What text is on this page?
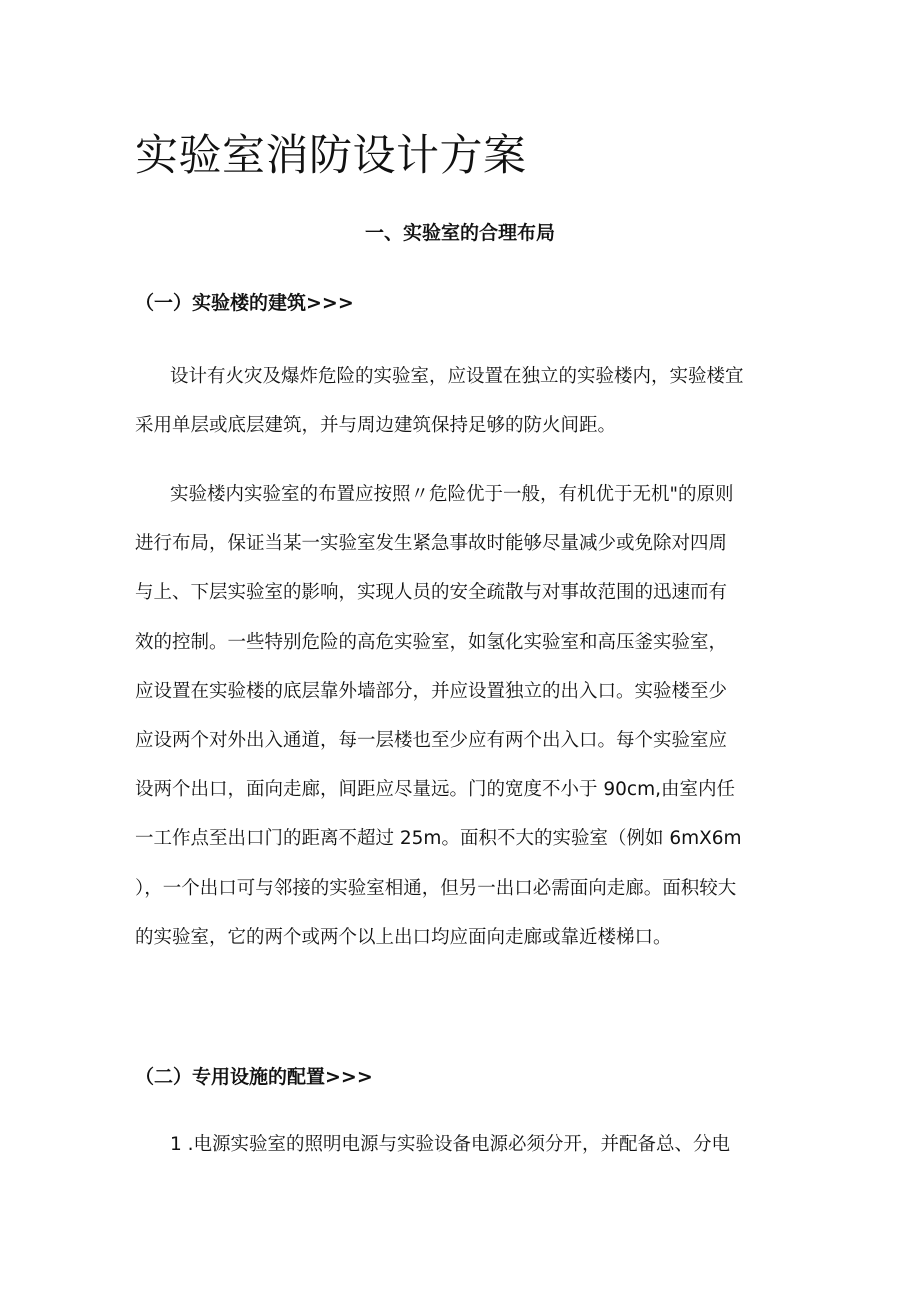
实验室消防设计方案
一、实验室的合理布局
（一）实验楼的建筑>>>
设计有火灾及爆炸危险的实验室，应设置在独立的实验楼内，实验楼宜
采用单层或底层建筑，并与周边建筑保持足够的防火间距。
实验楼内实验室的布置应按照〃危险优于一般，有机优于无机"的原则
进行布局，保证当某一实验室发生紧急事故时能够尽量减少或免除对四周
与上、下层实验室的影响，实现人员的安全疏散与对事故范围的迅速而有
效的控制。一些特别危险的高危实验室，如氢化实验室和高压釜实验室，
应设置在实验楼的底层靠外墙部分，并应设置独立的出入口。实验楼至少
应设两个对外出入通道，每一层楼也至少应有两个出入口。每个实验室应
设两个出口，面向走廊，间距应尽量远。门的宽度不小于 90cm,由室内任
一工作点至出口门的距离不超过 25m。面积不大的实验室（例如 6mX6m
），一个出口可与邻接的实验室相通，但另一出口必需面向走廊。面积较大
的实验室，它的两个或两个以上出口均应面向走廊或靠近楼梯口。
（二）专用设施的配置>>>
1 .电源实验室的照明电源与实验设备电源必须分开，并配备总、分电
